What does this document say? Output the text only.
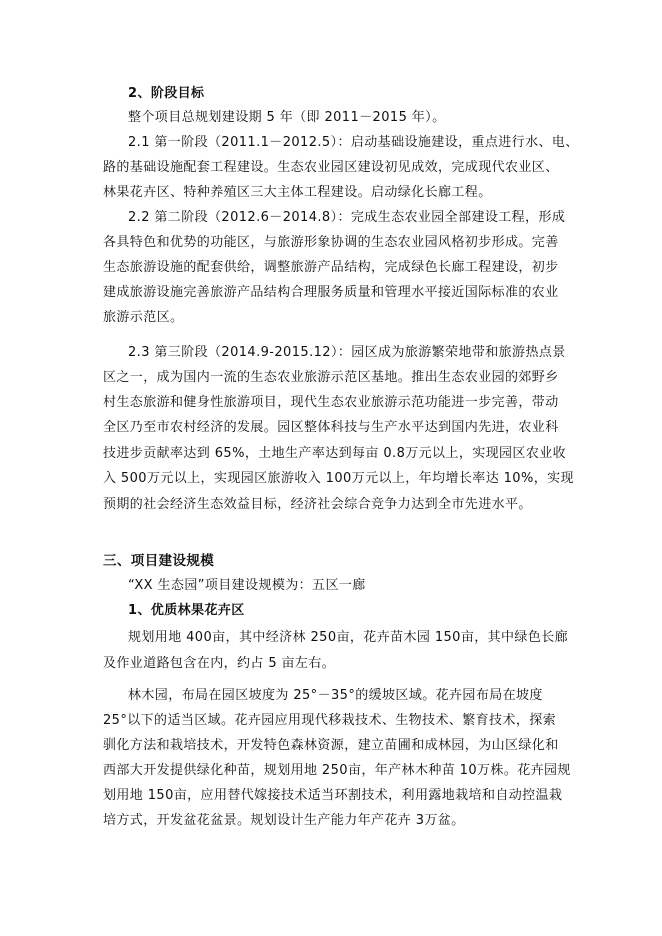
2、阶段目标
整个项目总规划建设期 5 年（即 2011－2015 年）。
2.1 第一阶段（2011.1－2012.5）：启动基础设施建设，重点进行水、电、
路的基础设施配套工程建设。生态农业园区建设初见成效，完成现代农业区、
林果花卉区、特种养殖区三大主体工程建设。启动绿化长廊工程。
2.2 第二阶段（2012.6－2014.8）：完成生态农业园全部建设工程，形成
各具特色和优势的功能区，与旅游形象协调的生态农业园风格初步形成。完善
生态旅游设施的配套供给，调整旅游产品结构，完成绿色长廊工程建设，初步
建成旅游设施完善旅游产品结构合理服务质量和管理水平接近国际标准的农业
旅游示范区。
2.3 第三阶段（2014.9-2015.12）：园区成为旅游繁荣地带和旅游热点景
区之一，成为国内一流的生态农业旅游示范区基地。推出生态农业园的郊野乡
村生态旅游和健身性旅游项目，现代生态农业旅游示范功能进一步完善，带动
全区乃至市农村经济的发展。园区整体科技与生产水平达到国内先进，农业科
技进步贡献率达到 65%，土地生产率达到每亩 0.8万元以上，实现园区农业收
入 500万元以上，实现园区旅游收入 100万元以上，年均增长率达 10%，实现
预期的社会经济生态效益目标，经济社会综合竞争力达到全市先进水平。
三、项目建设规模
“XX 生态园”项目建设规模为：五区一廊
1、优质林果花卉区
规划用地 400亩，其中经济林 250亩，花卉苗木园 150亩，其中绿色长廊
及作业道路包含在内，约占 5 亩左右。
林木园，布局在园区坡度为 25°－35°的缓坡区域。花卉园布局在坡度
25°以下的适当区域。花卉园应用现代移栽技术、生物技术、繁育技术，探索
驯化方法和栽培技术，开发特色森林资源，建立苗圃和成林园，为山区绿化和
西部大开发提供绿化种苗，规划用地 250亩，年产林木种苗 10万株。花卉园规
划用地 150亩，应用替代嫁接技术适当环割技术，利用露地栽培和自动控温栽
培方式，开发盆花盆景。规划设计生产能力年产花卉 3万盆。
